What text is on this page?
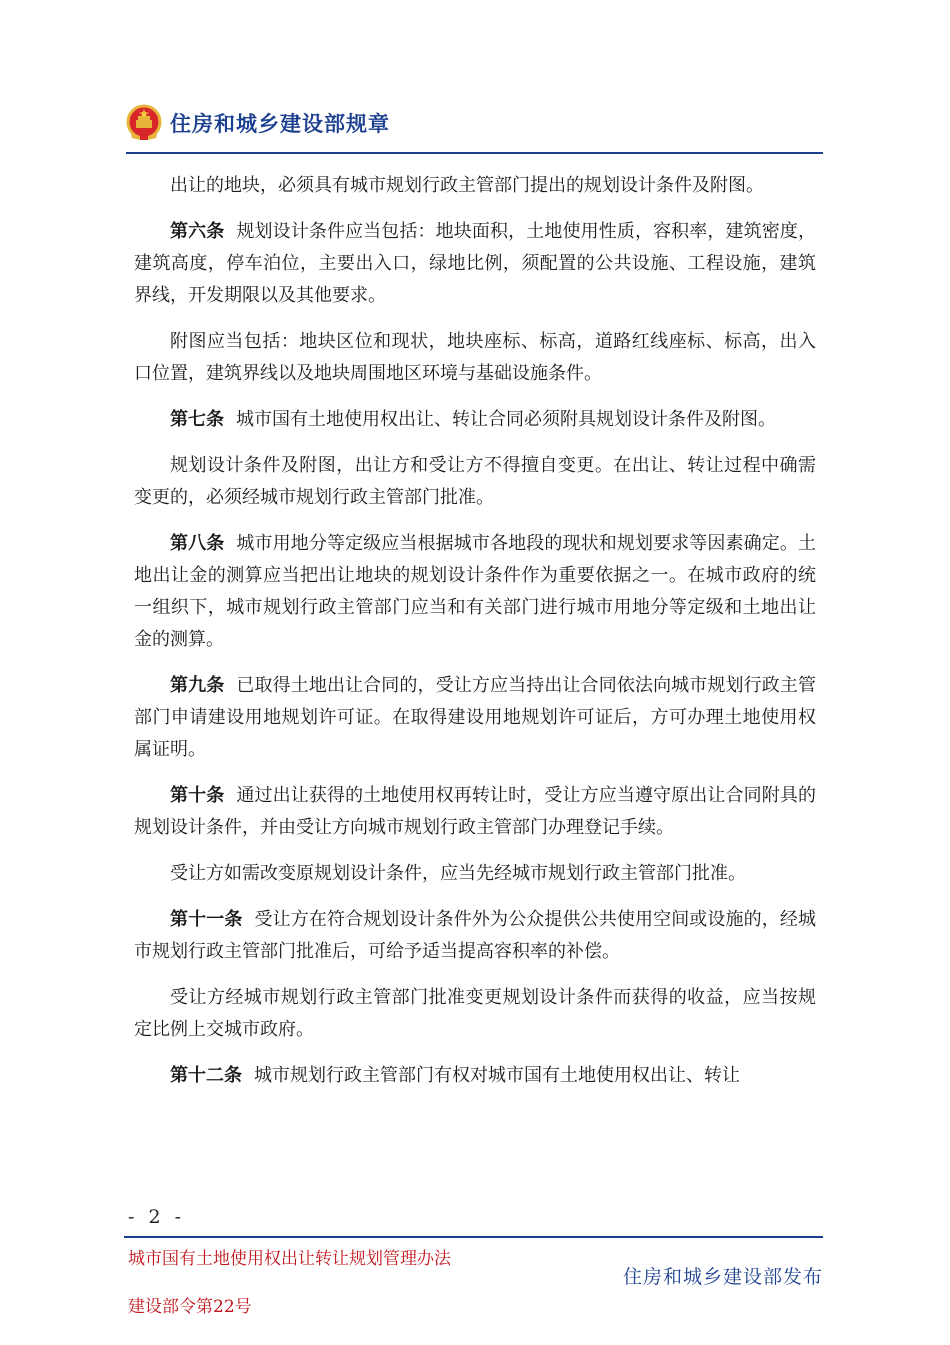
住房和城乡建设部规章

出让的地块，必须具有城市规划行政主管部门提出的规划设计条件及附图。

第六条 规划设计条件应当包括：地块面积，土地使用性质，容积率，建筑密度，建筑高度，停车泊位，主要出入口，绿地比例，须配置的公共设施、工程设施，建筑界线，开发期限以及其他要求。

附图应当包括：地块区位和现状，地块座标、标高，道路红线座标、标高，出入口位置，建筑界线以及地块周围地区环境与基础设施条件。

第七条 城市国有土地使用权出让、转让合同必须附具规划设计条件及附图。

规划设计条件及附图，出让方和受让方不得擅自变更。在出让、转让过程中确需变更的，必须经城市规划行政主管部门批准。

第八条 城市用地分等定级应当根据城市各地段的现状和规划要求等因素确定。土地出让金的测算应当把出让地块的规划设计条件作为重要依据之一。在城市政府的统一组织下，城市规划行政主管部门应当和有关部门进行城市用地分等定级和土地出让金的测算。

第九条 已取得土地出让合同的，受让方应当持出让合同依法向城市规划行政主管部门申请建设用地规划许可证。在取得建设用地规划许可证后，方可办理土地使用权属证明。

第十条 通过出让获得的土地使用权再转让时，受让方应当遵守原出让合同附具的规划设计条件，并由受让方向城市规划行政主管部门办理登记手续。

受让方如需改变原规划设计条件，应当先经城市规划行政主管部门批准。

第十一条 受让方在符合规划设计条件外为公众提供公共使用空间或设施的，经城市规划行政主管部门批准后，可给予适当提高容积率的补偿。

受让方经城市规划行政主管部门批准变更规划设计条件而获得的收益，应当按规定比例上交城市政府。

第十二条 城市规划行政主管部门有权对城市国有土地使用权出让、转让

- 2 -
城市国有土地使用权出让转让规划管理办法
建设部令第22号
住房和城乡建设部发布
